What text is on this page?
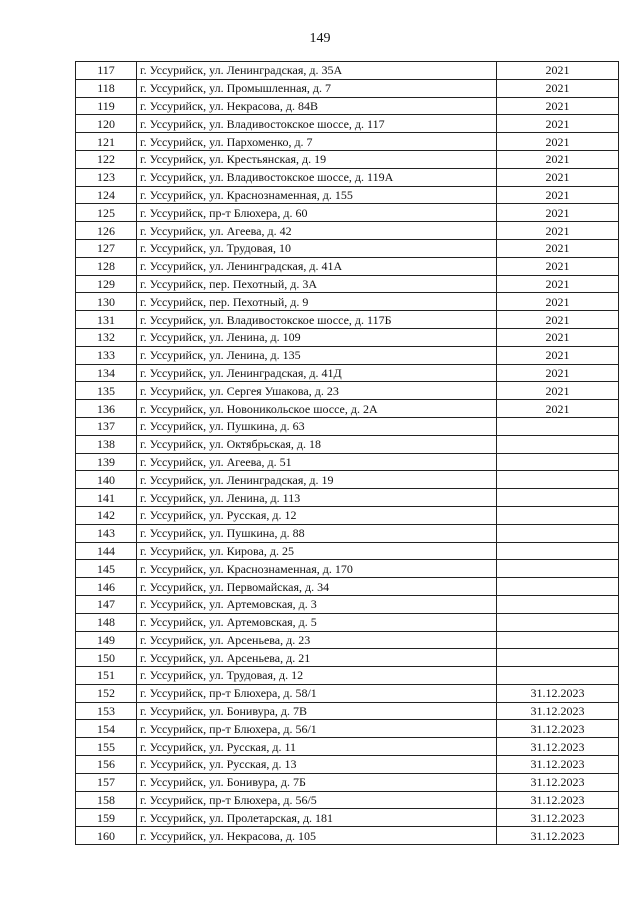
149
117	г. Уссурийск, ул. Ленинградская, д. 35А	2021
118	г. Уссурийск, ул. Промышленная, д. 7	2021
119	г. Уссурийск, ул. Некрасова, д. 84В	2021
120	г. Уссурийск, ул. Владивостокское шоссе, д. 117	2021
121	г. Уссурийск, ул. Пархоменко, д. 7	2021
122	г. Уссурийск, ул. Крестьянская, д. 19	2021
123	г. Уссурийск, ул. Владивостокское шоссе, д. 119А	2021
124	г. Уссурийск, ул. Краснознаменная, д. 155	2021
125	г. Уссурийск, пр-т Блюхера, д. 60	2021
126	г. Уссурийск, ул. Агеева, д. 42	2021
127	г. Уссурийск, ул. Трудовая, 10	2021
128	г. Уссурийск, ул. Ленинградская, д. 41А	2021
129	г. Уссурийск, пер. Пехотный, д. 3А	2021
130	г. Уссурийск, пер. Пехотный, д. 9	2021
131	г. Уссурийск, ул. Владивостокское шоссе, д. 117Б	2021
132	г. Уссурийск, ул. Ленина, д. 109	2021
133	г. Уссурийск, ул. Ленина, д. 135	2021
134	г. Уссурийск, ул. Ленинградская, д. 41Д	2021
135	г. Уссурийск, ул. Сергея Ушакова, д. 23	2021
136	г. Уссурийск, ул. Новоникольское шоссе, д. 2А	2021
137	г. Уссурийск, ул. Пушкина, д. 63	
138	г. Уссурийск, ул. Октябрьская, д. 18	
139	г. Уссурийск, ул. Агеева, д. 51	
140	г. Уссурийск, ул. Ленинградская, д. 19	
141	г. Уссурийск, ул. Ленина, д. 113	
142	г. Уссурийск, ул. Русская, д. 12	
143	г. Уссурийск, ул. Пушкина, д. 88	
144	г. Уссурийск, ул. Кирова, д. 25	
145	г. Уссурийск, ул. Краснознаменная, д. 170	
146	г. Уссурийск, ул. Первомайская, д. 34	
147	г. Уссурийск, ул. Артемовская, д. 3	
148	г. Уссурийск, ул. Артемовская, д. 5	
149	г. Уссурийск, ул. Арсеньева, д. 23	
150	г. Уссурийск, ул. Арсеньева, д. 21	
151	г. Уссурийск, ул. Трудовая, д. 12	
152	г. Уссурийск, пр-т Блюхера, д. 58/1	31.12.2023
153	г. Уссурийск, ул. Бонивура, д. 7В	31.12.2023
154	г. Уссурийск, пр-т Блюхера, д. 56/1	31.12.2023
155	г. Уссурийск, ул. Русская, д. 11	31.12.2023
156	г. Уссурийск, ул. Русская, д. 13	31.12.2023
157	г. Уссурийск, ул. Бонивура, д. 7Б	31.12.2023
158	г. Уссурийск, пр-т Блюхера, д. 56/5	31.12.2023
159	г. Уссурийск, ул. Пролетарская, д. 181	31.12.2023
160	г. Уссурийск, ул. Некрасова, д. 105	31.12.2023
